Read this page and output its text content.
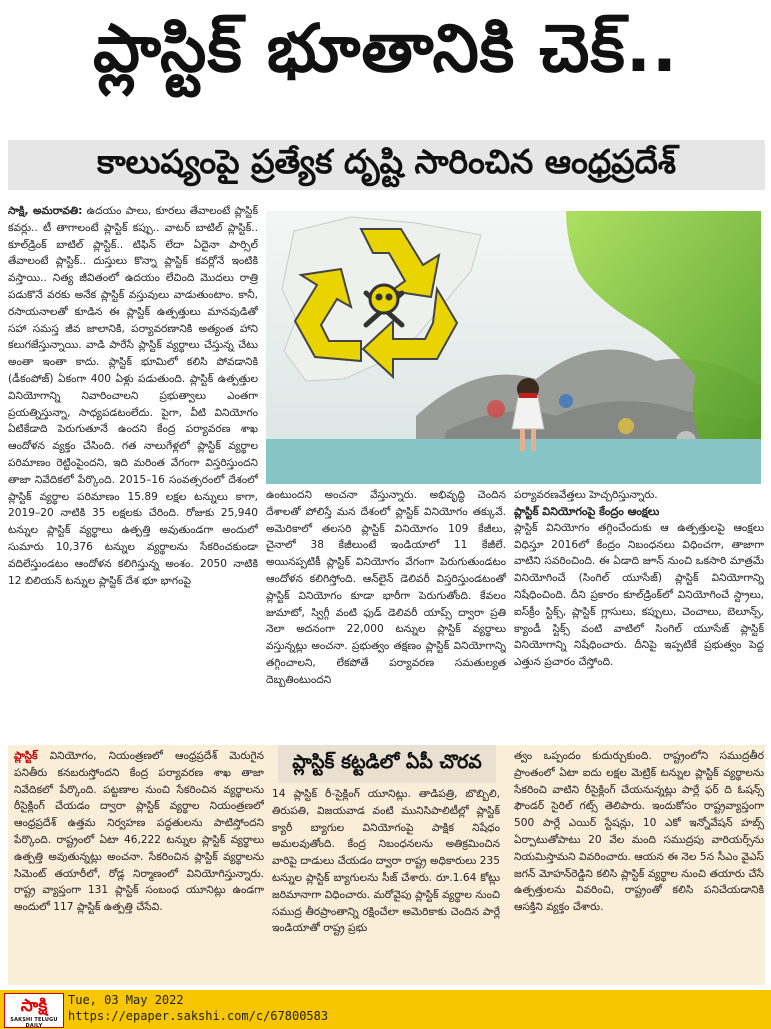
ప్లాస్టిక్ భూతానికి చెక్..
కాలుష్యంపై ప్రత్యేక దృష్టి సారించిన ఆంధ్రప్రదేశ్

సాక్షి, అమరావతి: ఉదయం పాలు, కూరలు తేవాలంటే ప్లాస్టిక్ కవర్లు.. టీ తాగాలంటే ప్లాస్టిక్ కప్పు.. వాటర్ బాటిల్ ప్లాస్టిక్.. కూల్‌డ్రింక్ బాటిల్ ప్లాస్టిక్.. టిఫిన్ లేదా ఏదైనా పార్సిల్ తేవాలంటే ప్లాస్టిక్.. దుస్తులు కొన్నా ప్లాస్టిక్ కవర్లోనే ఇంటికి వస్తాయి.. నిత్య జీవితంలో ఉదయం లేచింది మొదలు రాత్రి పడుకొనే వరకు అనేక ప్లాస్టిక్ వస్తువులు వాడుతుంటాం. కానీ, రసాయనాలతో కూడిన ఈ ప్లాస్టిక్ ఉత్పత్తులు మానవుడితో సహా సమస్త జీవ జాలానికి, పర్యావరణానికి అత్యంత హాని కలుగజేస్తున్నాయి. వాడి పారేసే ప్లాస్టిక్ వ్యర్థాలు చేస్తున్న చేటు అంతా ఇంతా కాదు. ప్లాస్టిక్ భూమిలో కలిసి పోవడానికి (డీకంపోజ్) ఏకంగా 400 ఏళ్లు పడుతుంది. ప్లాస్టిక్ ఉత్పత్తుల వినియోగాన్ని నివారించాలని ప్రభుత్వాలు ఎంతగా ప్రయత్నిస్తున్నా, సాధ్యపడటంలేదు. పైగా, వీటి వినియోగం ఏటికేడాది పెరుగుతూనే ఉందని కేంద్ర పర్యావరణ శాఖ ఆందోళన వ్యక్తం చేసింది. గత నాలుగేళ్లలో ప్లాస్టిక్ వ్యర్థాల పరిమాణం రెట్టింపైందని, ఇది మరింత వేగంగా విస్తరిస్తుందని తాజా నివేదికలో పేర్కొంది. 2015–16 సంవత్సరంలో దేశంలో ప్లాస్టిక్ వ్యర్థాల పరిమాణం 15.89 లక్షల టన్నులు కాగా, 2019–20 నాటికి 35 లక్షలకు చేరింది. రోజుకు 25,940 టన్నుల ప్లాస్టిక్ వ్యర్థాలు ఉత్పత్తి అవుతుండగా అందులో సుమారు 10,376 టన్నుల వ్యర్థాలను సేకరించకుండా వదిలేస్తుండటం ఆందోళన కలిగిస్తున్న అంశం. 2050 నాటికి 12 బిలియన్ టన్నుల ప్లాస్టిక్ దేశ భూ భాగంపై

ఉంటుందని అంచనా వేస్తున్నారు. అభివృద్ధి చెందిన దేశాలతో పోలిస్తే మన దేశంలో ప్లాస్టిక్ వినియోగం తక్కువే. అమెరికాలో తలసరి ప్లాస్టిక్ వినియోగం 109 కేజీలు, చైనాలో 38 కేజీలుంటే ఇండియాలో 11 కేజీలే. అయినప్పటికీ ప్లాస్టిక్ వినియోగం వేగంగా పెరుగుతుండటం ఆందోళన కలిగిస్తోంది. ఆన్‌లైన్ డెలివరీ విస్తరిస్తుండటంతో ప్లాస్టిక్ వినియోగం కూడా భారీగా పెరుగుతోంది. కేవలం జుమాటో, స్విగ్గీ వంటి ఫుడ్ డెలివరీ యాప్స్ ద్వారా ప్రతి నెలా అదనంగా 22,000 టన్నుల ప్లాస్టిక్ వ్యర్థాలు వస్తున్నట్లు అంచనా. ప్రభుత్వం తక్షణం ప్లాస్టిక్ వినియోగాన్ని తగ్గించాలని, లేకపోతే పర్యావరణ సమతుల్యత దెబ్బతింటుందని

పర్యావరణవేత్తలు హెచ్చరిస్తున్నారు.

ప్లాస్టిక్ వినియోగంపై కేంద్రం ఆంక్షలు

ప్లాస్టిక్ వినియోగం తగ్గించేందుకు ఆ ఉత్పత్తులపై ఆంక్షలు విధిస్తూ 2016లో కేంద్రం నిబంధనలు విధించగా, తాజాగా వాటిని సవరించింది. ఈ ఏడాది జూన్ నుంచి ఒకసారి మాత్రమే వినియోగించే (సింగిల్ యూసేజ్) ప్లాస్టిక్ వినియోగాన్ని నిషేధించింది. దీని ప్రకారం కూల్‌డ్రింక్‌లో వినియోగించే స్ట్రాలు, ఐస్‌క్రీం స్టిక్స్, ప్లాస్టిక్ గ్లాసులు, కప్పులు, చెంచాలు, బెలూన్స్, క్యాండీ స్టిక్స్ వంటి వాటిలో సింగిల్ యూసేజ్ ప్లాస్టిక్ వినియోగాన్ని నిషేధించారు. దీనిపై ఇప్పటికే ప్రభుత్వం పెద్ద ఎత్తున ప్రచారం చేస్తోంది.

ప్లాస్టిక్ కట్టడిలో ఏపీ చొరవ

ప్లాస్టిక్ వినియోగం, నియంత్రణలో ఆంధ్రప్రదేశ్ మెరుగైన పనితీరు కనబరుస్తోందని కేంద్ర పర్యావరణ శాఖ తాజా నివేదికలో పేర్కొంది. పట్టణాల నుంచి సేకరించిన వ్యర్థాలను రీసైక్లింగ్ చేయడం ద్వారా ప్లాస్టిక్ వ్యర్థాల నియంత్రణలో ఆంధ్రప్రదేశ్ ఉత్తమ నిర్వహణ పద్ధతులను పాటిస్తోందని పేర్కొంది. రాష్ట్రంలో ఏటా 46,222 టన్నుల ప్లాస్టిక్ వ్యర్థాలు ఉత్పత్తి అవుతున్నట్లు అంచనా. సేకరించిన ప్లాస్టిక్ వ్యర్థాలను సిమెంట్ తయారీలో, రోడ్ల నిర్మాణంలో వినియోగిస్తున్నారు. రాష్ట్ర వ్యాప్తంగా 131 ప్లాస్టిక్ సంబంధ యూనిట్లు ఉండగా అందులో 117 ప్లాస్టిక్ ఉత్పత్తి చేసేవి.

14 ప్లాస్టిక్ రీ-సైక్లింగ్ యూనిట్లు. తాడిపత్రి, బొబ్బిలి, తిరుపతి, విజయవాడ వంటి మునిసిపాలిటీల్లో ప్లాస్టిక్ క్యారీ బ్యాగుల వినియోగంపై పాక్షిక నిషేధం అమలవుతోంది. కేంద్ర నిబంధనలను అతిక్రమించిన వారిపై దాడులు చేయడం ద్వారా రాష్ట్ర అధికారులు 235 టన్నుల ప్లాస్టిక్ బ్యాగులను సీజ్ చేశారు. రూ.1.64 కోట్లు జరిమానాగా విధించారు. మరోవైపు ప్లాస్టిక్ వ్యర్థాల నుంచి సముద్ర తీరప్రాంతాన్ని రక్షించేలా అమెరికాకు చెందిన పార్లే ఇండియాతో రాష్ట్ర ప్రభు

త్వం ఒప్పందం కుదుర్చుకుంది. రాష్ట్రంలోని సముద్రతీర ప్రాంతంలో ఏటా ఐదు లక్షల మెట్రిక్ టన్నుల ప్లాస్టిక్ వ్యర్థాలను సేకరించి వాటిని రీసైక్లింగ్ చేయనున్నట్లు పార్లే ఫర్ ది ఓషన్స్ ఫౌండర్ సైరిల్ గట్స్ తెలిపారు. ఇందుకోసం రాష్ట్రవ్యాప్తంగా 500 పార్లే ఎయిర్ స్టేషన్లు, 10 ఎకో ఇన్నోవేషన్ హబ్స్ ఏర్పాటుతోపాటు 20 వేల మంది సముద్రపు వారియర్స్‌ను నియమిస్తామని వివరించారు. ఆయన ఈ నెల 5న సీఎం వైఎస్ జగన్ మోహన్‌రెడ్డిని కలిసి ప్లాస్టిక్ వ్యర్థాల నుంచి తయారు చేసే ఉత్పత్తులను వివరించి, రాష్ట్రంతో కలిసి పనిచేయడానికి ఆసక్తిని వ్యక్తం చేశారు.

సాక్షి
SAKSHI TELUGU DAILY
Tue, 03 May 2022
https://epaper.sakshi.com/c/67800583
